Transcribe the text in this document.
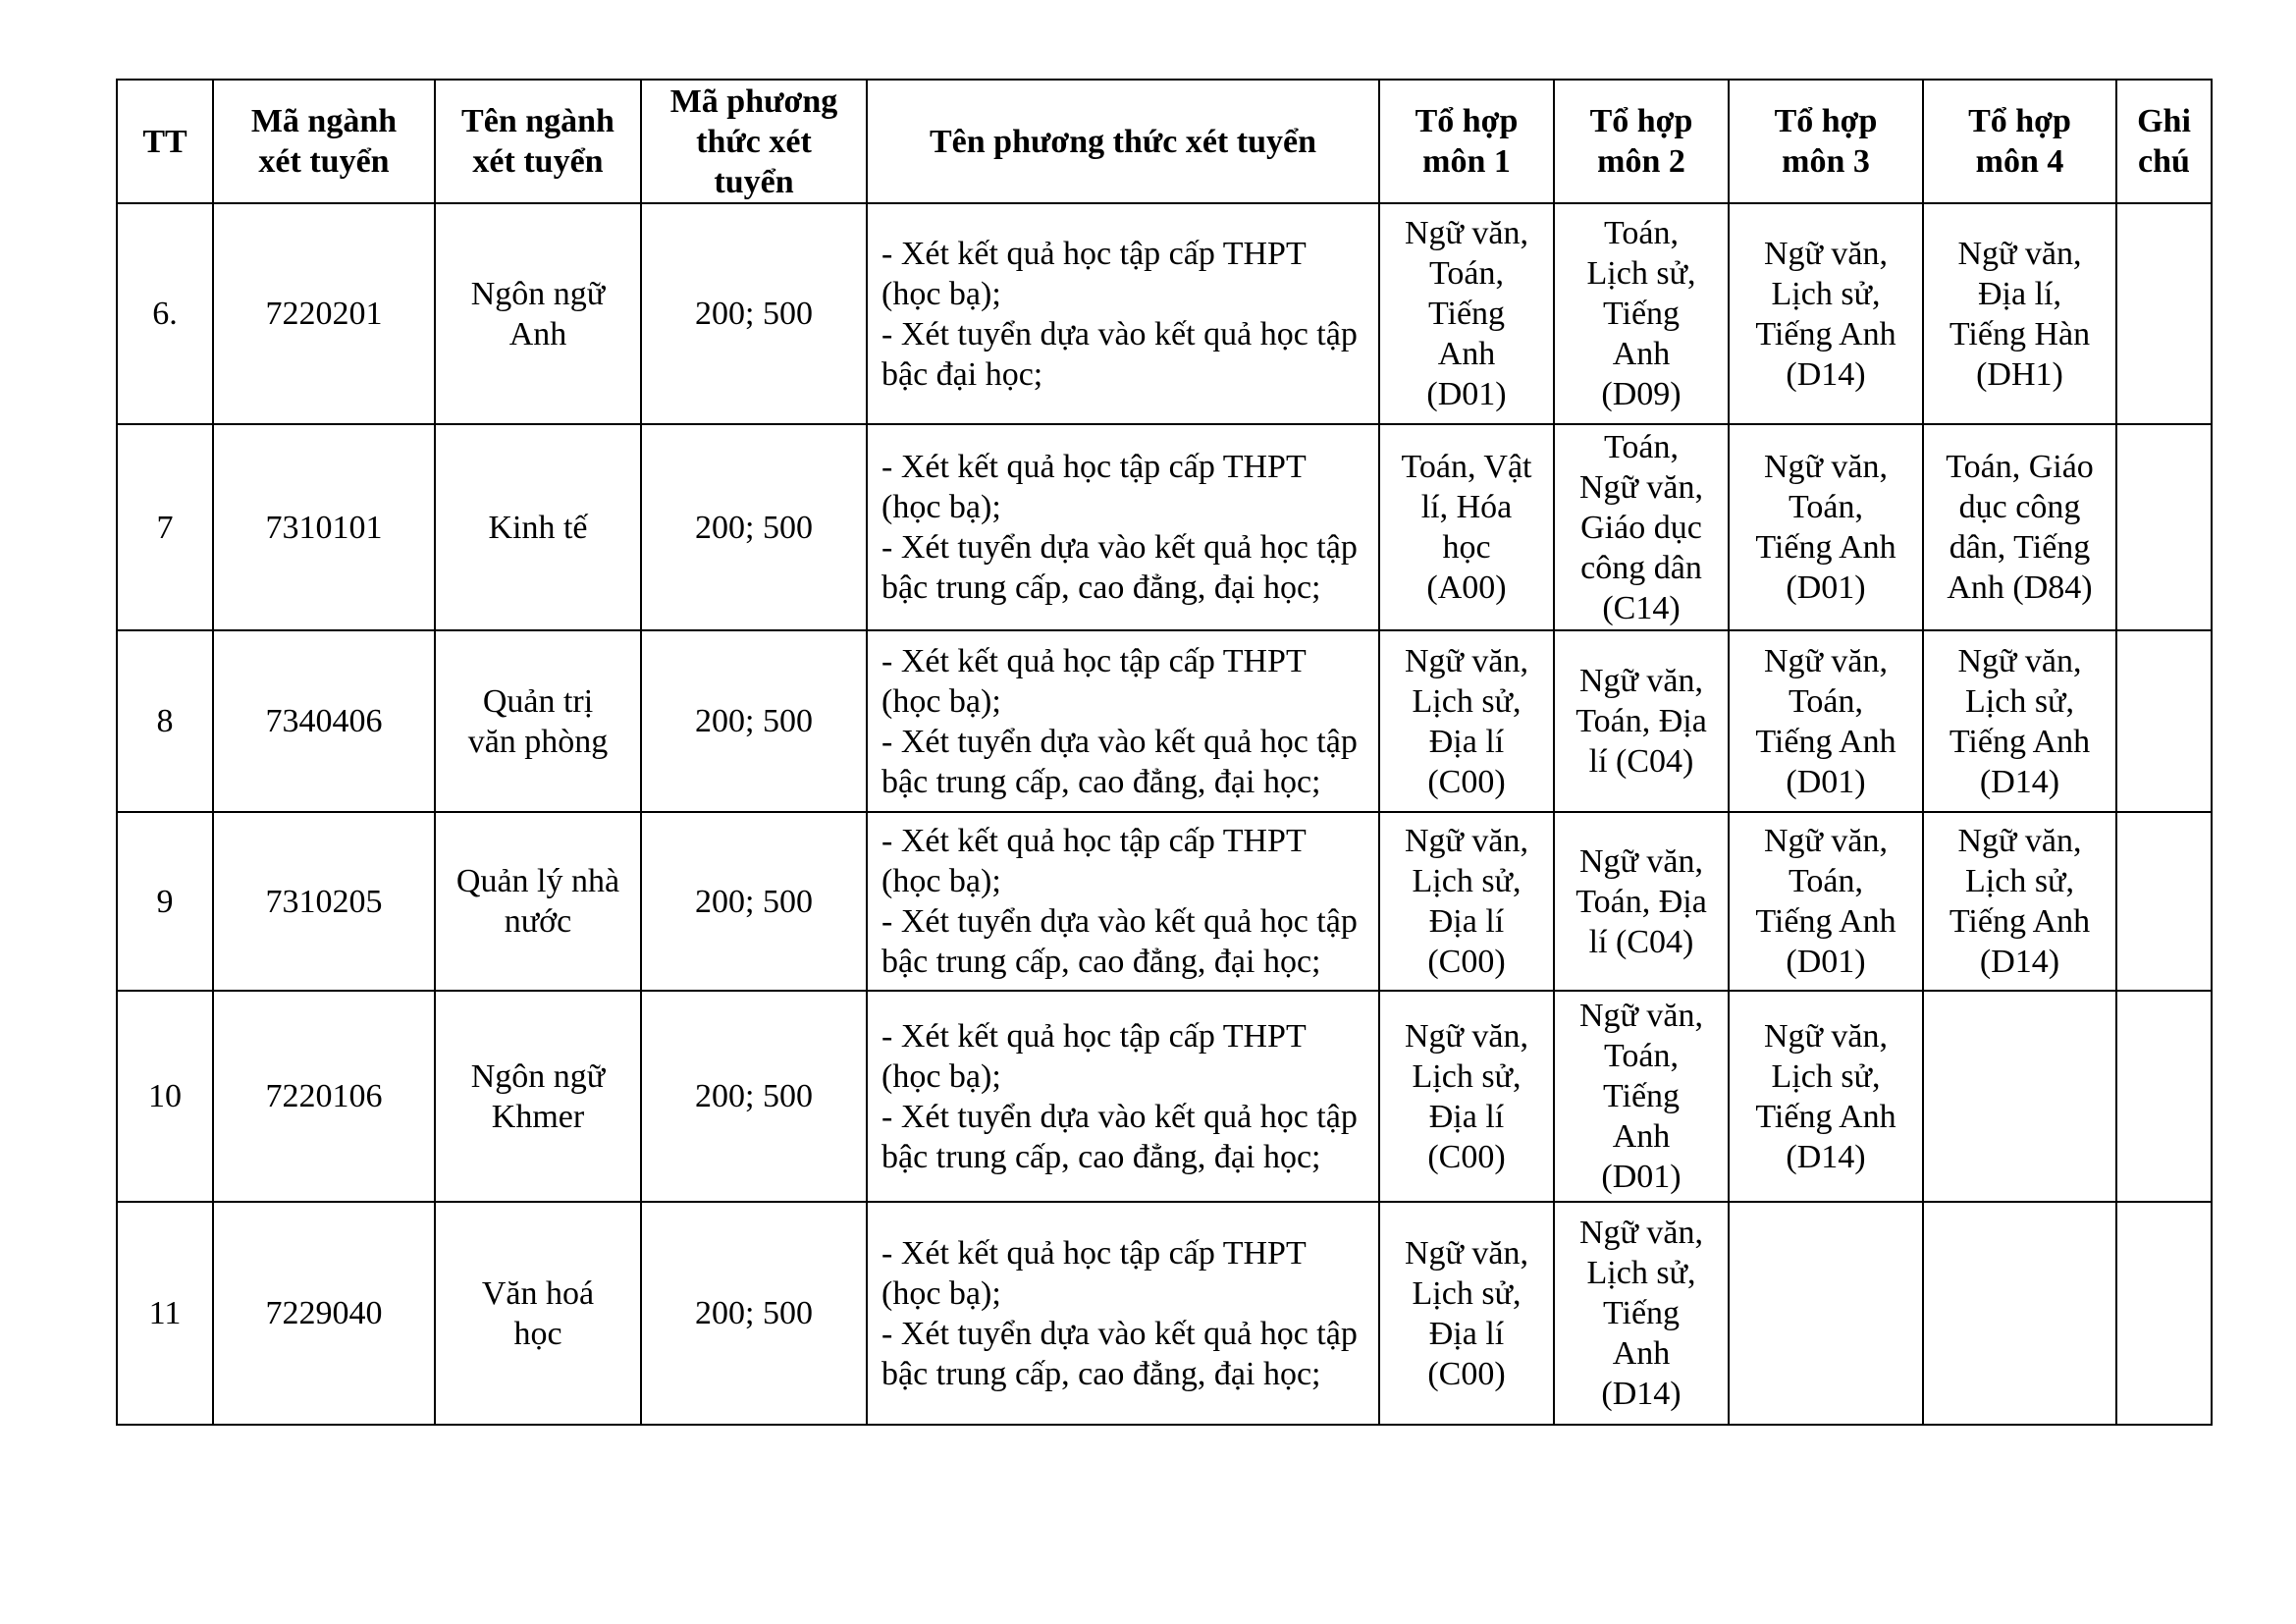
TT	Mã ngành
xét tuyển	Tên ngành
xét tuyển	Mã phương
thức xét
tuyển	Tên phương thức xét tuyển	Tổ hợp
môn 1	Tổ hợp
môn 2	Tổ hợp
môn 3	Tổ hợp
môn 4	Ghi
chú

6.	7220201	Ngôn ngữ
Anh	200; 500	- Xét kết quả học tập cấp THPT
(học bạ);
- Xét tuyển dựa vào kết quả học tập
bậc đại học;	Ngữ văn,
Toán,
Tiếng
Anh
(D01)	Toán,
Lịch sử,
Tiếng
Anh
(D09)	Ngữ văn,
Lịch sử,
Tiếng Anh
(D14)	Ngữ văn,
Địa lí,
Tiếng Hàn
(DH1)	

7	7310101	Kinh tế	200; 500	- Xét kết quả học tập cấp THPT
(học bạ);
- Xét tuyển dựa vào kết quả học tập
bậc trung cấp, cao đẳng, đại học;	Toán, Vật
lí, Hóa
học
(A00)	Toán,
Ngữ văn,
Giáo dục
công dân
(C14)	Ngữ văn,
Toán,
Tiếng Anh
(D01)	Toán, Giáo
dục công
dân, Tiếng
Anh (D84)	

8	7340406	Quản trị
văn phòng	200; 500	- Xét kết quả học tập cấp THPT
(học bạ);
- Xét tuyển dựa vào kết quả học tập
bậc trung cấp, cao đẳng, đại học;	Ngữ văn,
Lịch sử,
Địa lí
(C00)	Ngữ văn,
Toán, Địa
lí (C04)	Ngữ văn,
Toán,
Tiếng Anh
(D01)	Ngữ văn,
Lịch sử,
Tiếng Anh
(D14)	

9	7310205	Quản lý nhà
nước	200; 500	- Xét kết quả học tập cấp THPT
(học bạ);
- Xét tuyển dựa vào kết quả học tập
bậc trung cấp, cao đẳng, đại học;	Ngữ văn,
Lịch sử,
Địa lí
(C00)	Ngữ văn,
Toán, Địa
lí (C04)	Ngữ văn,
Toán,
Tiếng Anh
(D01)	Ngữ văn,
Lịch sử,
Tiếng Anh
(D14)	

10	7220106	Ngôn ngữ
Khmer	200; 500	- Xét kết quả học tập cấp THPT
(học bạ);
- Xét tuyển dựa vào kết quả học tập
bậc trung cấp, cao đẳng, đại học;	Ngữ văn,
Lịch sử,
Địa lí
(C00)	Ngữ văn,
Toán,
Tiếng
Anh
(D01)	Ngữ văn,
Lịch sử,
Tiếng Anh
(D14)		

11	7229040	Văn hoá
học	200; 500	- Xét kết quả học tập cấp THPT
(học bạ);
- Xét tuyển dựa vào kết quả học tập
bậc trung cấp, cao đẳng, đại học;	Ngữ văn,
Lịch sử,
Địa lí
(C00)	Ngữ văn,
Lịch sử,
Tiếng
Anh
(D14)			
